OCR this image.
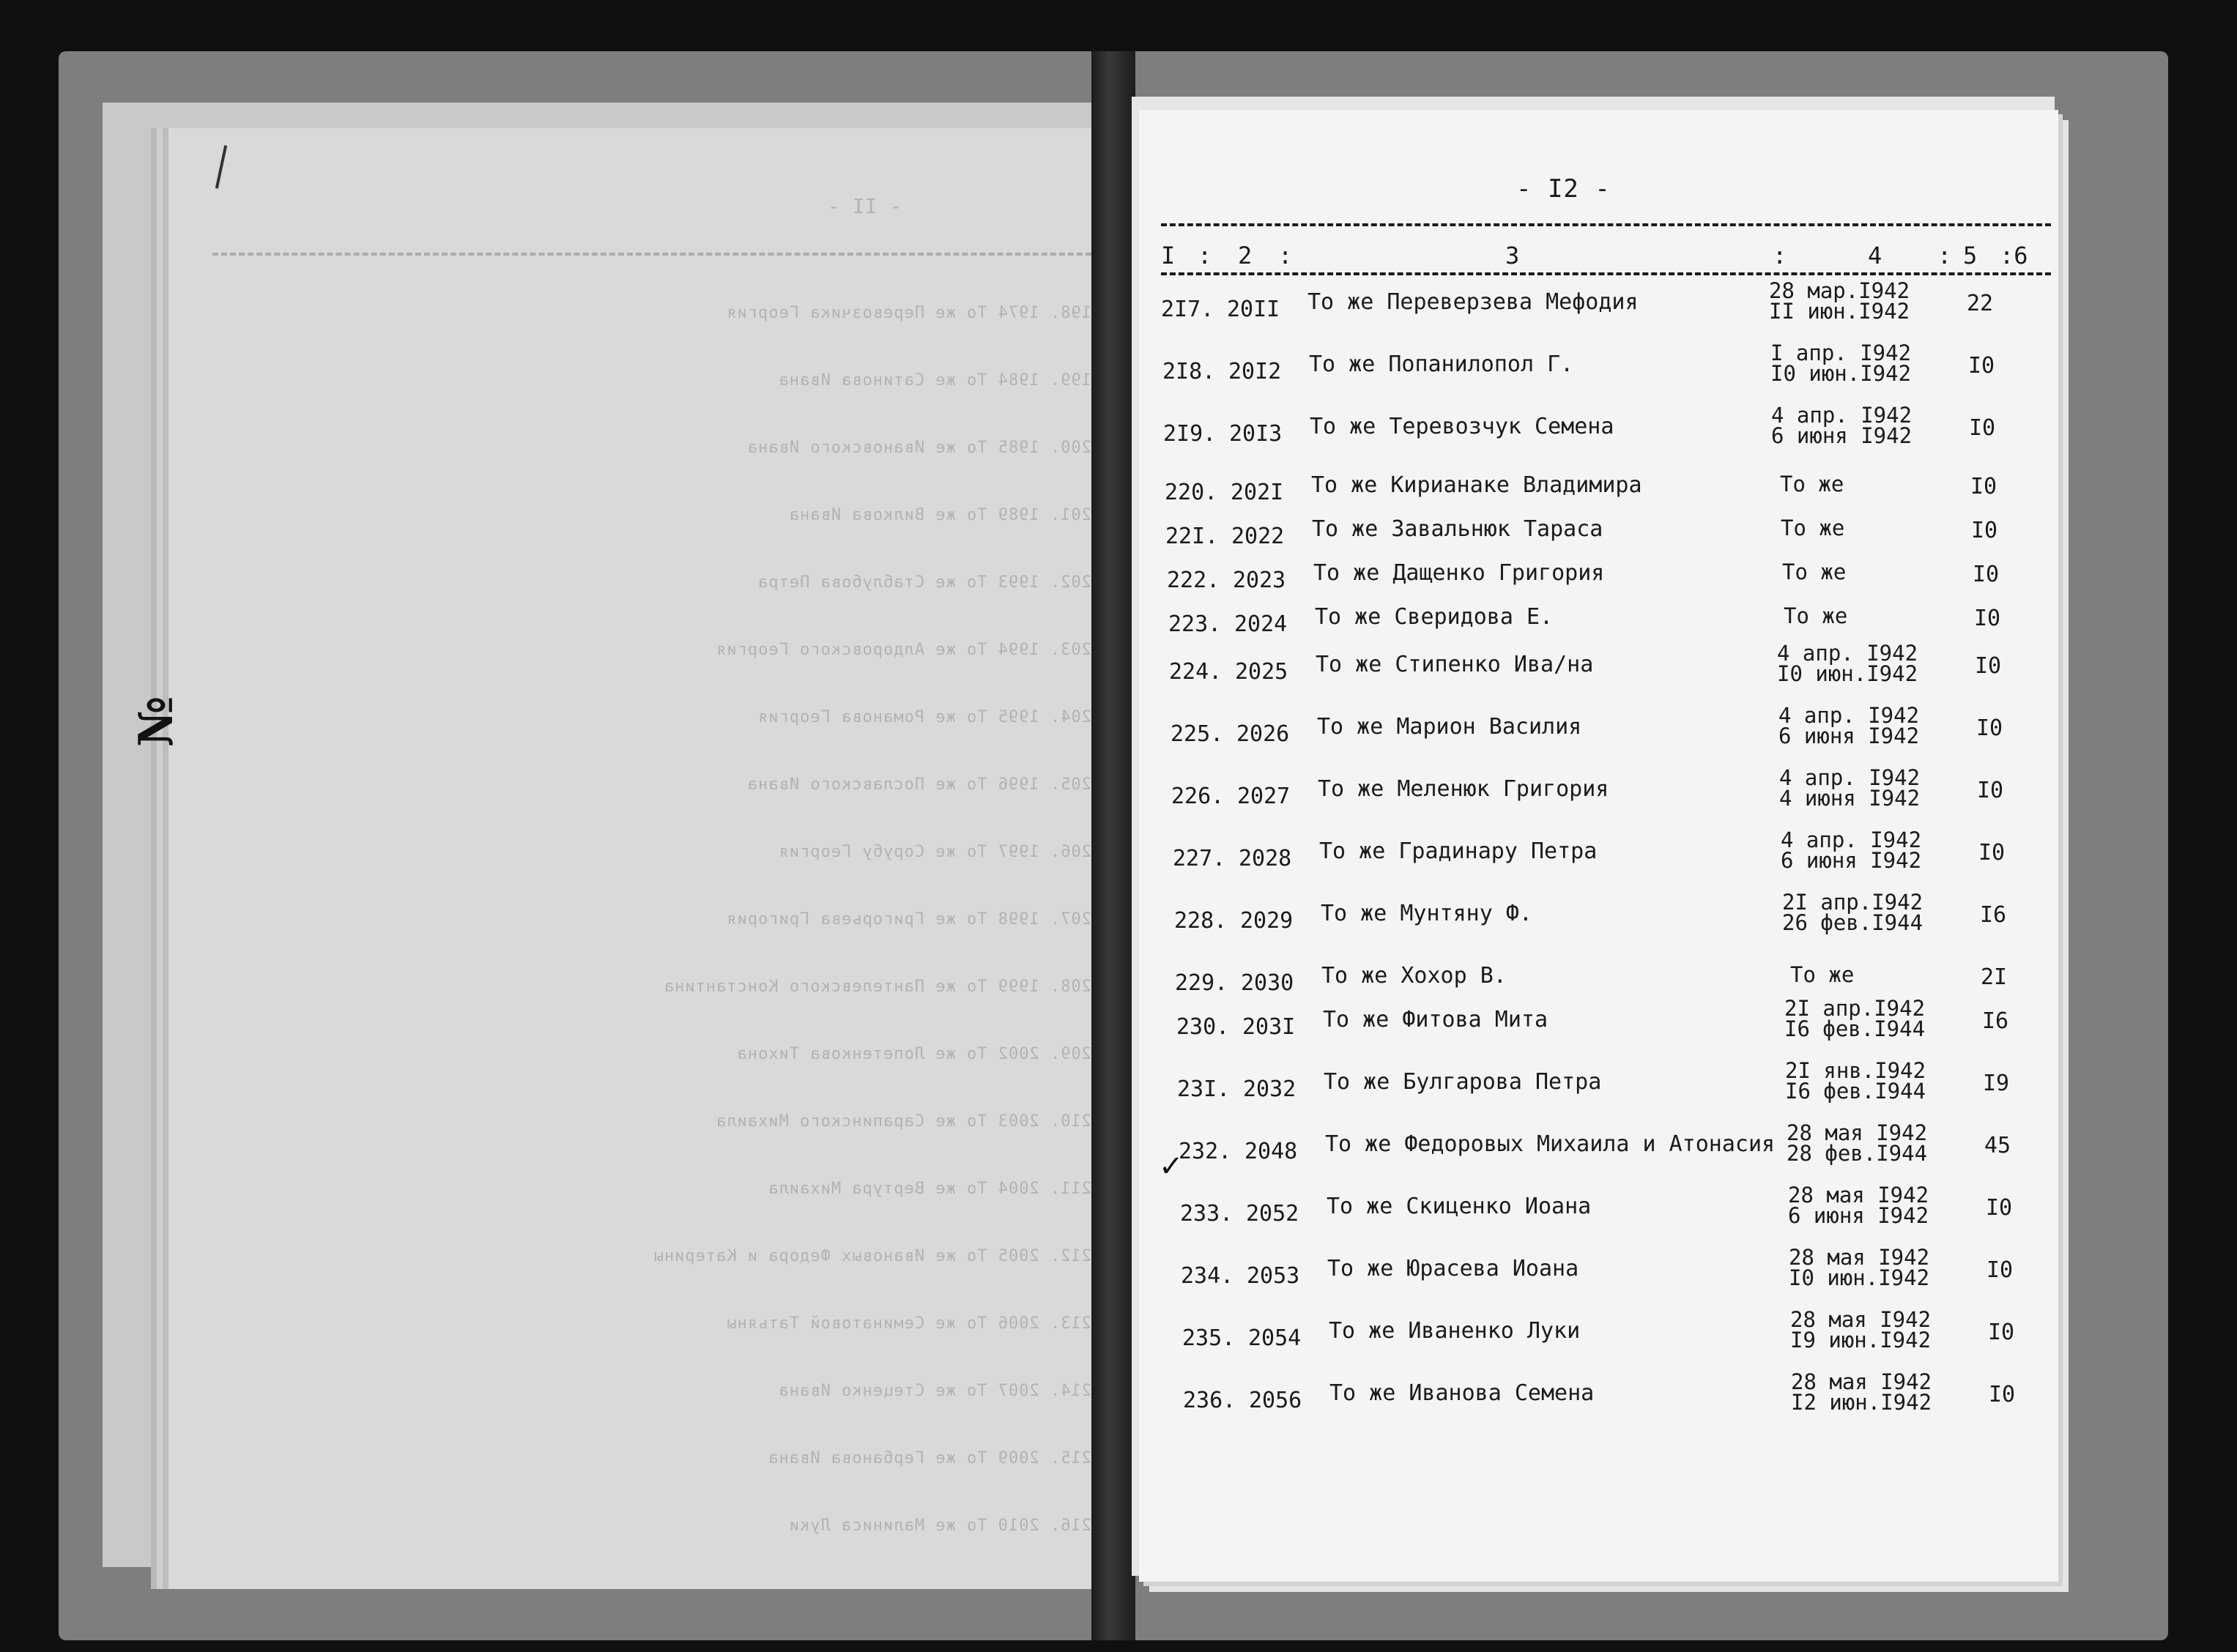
- II -
198. 1974 То же Перевозчика Георгия
199. 1984 То же Сатинова Ивана
200. 1985 То же Ивановского Ивана
201. 1989 То же Вилкова Ивана
202. 1993 То же Стаблубова Петра
203. 1994 То же Алдоровского Георгия
204. 1995 То же Романова Георгия
205. 1996 То же Пославского Ивана
206. 1997 То же Сорубу Георгия
207. 1998 То же Григорьева Григория
208. 1999 То же Пантелевского Константина
209. 2002 То же Лопетенкова Тихона
210. 2003 То же Сарапинского Михаила
211. 2004 То же Вертура Михаила
212. 2005 То же Ивановых Федора и Катерины
213. 2006 То же Семинатовой Татьяны
214. 2007 То же Стеценко Ивана
215. 2009 То же Гербанова Ивана
216. 2010 То же Малиниса Луки
№
- I2 -
I : 2 :	3	:	4 : 5 :6
2I7. 20II То же Переверзева Мефодия	28 мар.I942
II июн.I942	22
2I8. 20I2 То же Попанилопол Г.	I апр. I942
I0 июн.I942	I0
2I9. 20I3 То же Теревозчук Семена	4 апр. I942
6 июня I942	I0
220. 202I То же Кирианаке Владимира	То же	I0
22I. 2022 То же Завальнюк Тараса	То же	I0
222. 2023 То же Дащенко Григория	То же	I0
223. 2024 То же Сверидова Е.	То же	I0
224. 2025 То же Стипенко Ива/на	4 апр. I942
I0 июн.I942	I0
225. 2026 То же Марион Василия	4 апр. I942
6 июня I942	I0
226. 2027 То же Меленюк Григория	4 апр. I942
4 июня I942	I0
227. 2028 То же Градинару Петра	4 апр. I942
6 июня I942	I0
228. 2029 То же Мунтяну Ф.	2I апр.I942
26 фев.I944	I6
229. 2030 То же Хохор В.	То же	2I
230. 203I То же Фитова Мита	2I апр.I942
I6 фев.I944	I6
23I. 2032 То же Булгарова Петра	2I янв.I942
I6 фев.I944	I9
232. 2048 То же Федоровых Михаила и Атонасия 28 мая I942
28 фев.I944	45
233. 2052 То же Скиценко Иоана	28 мая I942
6 июня I942	I0
234. 2053 То же Юрасева Иоана	28 мая I942
I0 июн.I942	I0
235. 2054 То же Иваненко Луки	28 мая I942
I9 июн.I942	I0
236. 2056 То же Иванова Семена	28 мая I942
I2 июн.I942	I0
✓
